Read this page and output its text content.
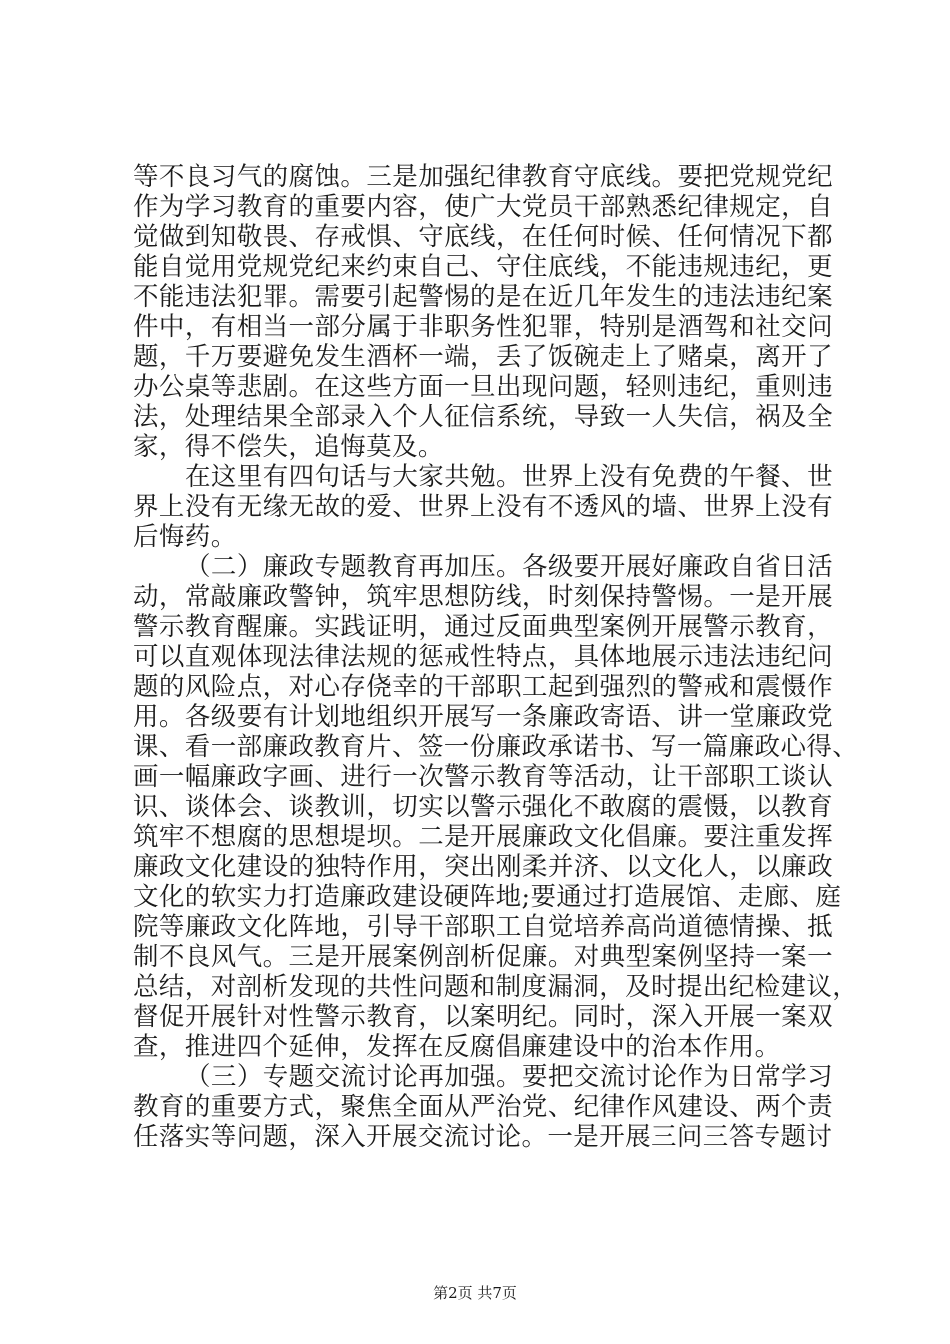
等不良习气的腐蚀。三是加强纪律教育守底线。要把党规党纪
作为学习教育的重要内容，使广大党员干部熟悉纪律规定，自
觉做到知敬畏、存戒惧、守底线，在任何时候、任何情况下都
能自觉用党规党纪来约束自己、守住底线，不能违规违纪，更
不能违法犯罪。需要引起警惕的是在近几年发生的违法违纪案
件中，有相当一部分属于非职务性犯罪，特别是酒驾和社交问
题，千万要避免发生酒杯一端，丢了饭碗走上了赌桌，离开了
办公桌等悲剧。在这些方面一旦出现问题，轻则违纪，重则违
法，处理结果全部录入个人征信系统，导致一人失信，祸及全
家，得不偿失，追悔莫及。
在这里有四句话与大家共勉。世界上没有免费的午餐、世
界上没有无缘无故的爱、世界上没有不透风的墙、世界上没有
后悔药。
（二）廉政专题教育再加压。各级要开展好廉政自省日活
动，常敲廉政警钟，筑牢思想防线，时刻保持警惕。一是开展
警示教育醒廉。实践证明，通过反面典型案例开展警示教育，
可以直观体现法律法规的惩戒性特点，具体地展示违法违纪问
题的风险点，对心存侥幸的干部职工起到强烈的警戒和震慑作
用。各级要有计划地组织开展写一条廉政寄语、讲一堂廉政党
课、看一部廉政教育片、签一份廉政承诺书、写一篇廉政心得、
画一幅廉政字画、进行一次警示教育等活动，让干部职工谈认
识、谈体会、谈教训，切实以警示强化不敢腐的震慑，以教育
筑牢不想腐的思想堤坝。二是开展廉政文化倡廉。要注重发挥
廉政文化建设的独特作用，突出刚柔并济、以文化人，以廉政
文化的软实力打造廉政建设硬阵地;要通过打造展馆、走廊、庭
院等廉政文化阵地，引导干部职工自觉培养高尚道德情操、抵
制不良风气。三是开展案例剖析促廉。对典型案例坚持一案一
总结，对剖析发现的共性问题和制度漏洞，及时提出纪检建议，
督促开展针对性警示教育，以案明纪。同时，深入开展一案双
查，推进四个延伸，发挥在反腐倡廉建设中的治本作用。
（三）专题交流讨论再加强。要把交流讨论作为日常学习
教育的重要方式，聚焦全面从严治党、纪律作风建设、两个责
任落实等问题，深入开展交流讨论。一是开展三问三答专题讨
第2页 共7页
